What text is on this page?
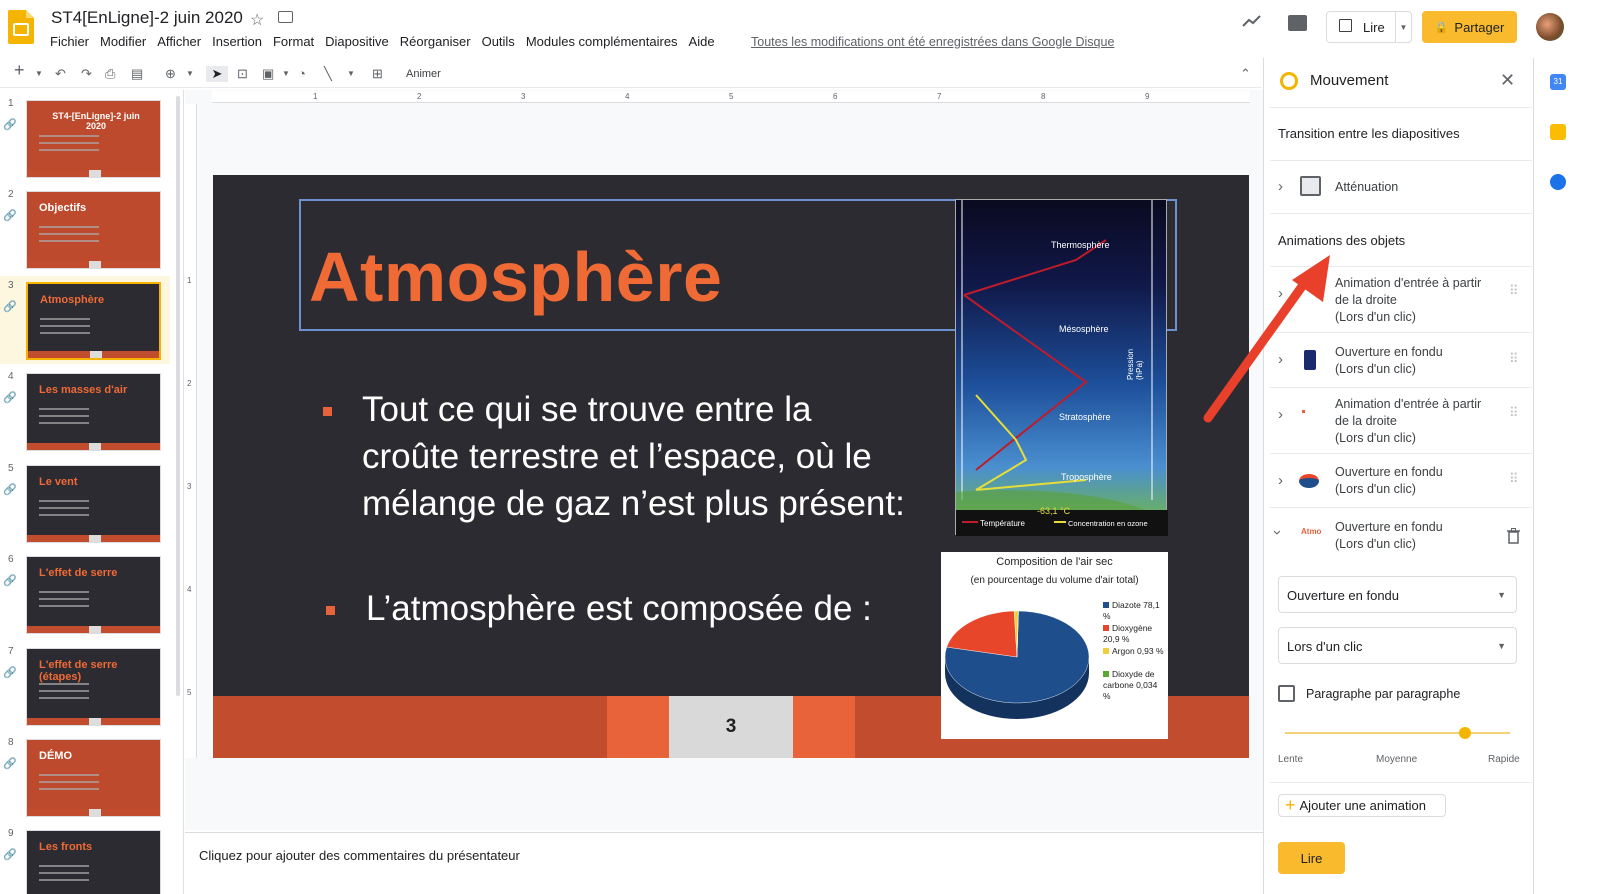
ST4[EnLigne]-2 juin 2020 ☆
Fichier Modifier Afficher Insertion Format Diapositive Réorganiser Outils Modules complémentaires Aide	Toutes les modifications ont été enregistrées dans Google Disque
Lire	▼	🔒 Partager
+ ▼ ↶ ↷ ⎙ ▤ ⊕ ▼	➤	⊡ ▣ ▼ ◔ ╲ ▼ ⊞ Animer	⌃
1
🔗
ST4-[EnLigne]-2 juin 2020
2
🔗
Objectifs
3
🔗
Atmosphère
4
🔗
Les masses d'air
5
🔗
Le vent
6
🔗
L'effet de serre
7
🔗
L'effet de serre (étapes)
8
🔗
DÉMO
9
🔗
Les fronts
1	2	3	4	5	6	7	8	9
1
2
3
4
5
Atmosphère
Tout ce qui se trouve entre la
croûte terrestre et l’espace, où le
mélange de gaz n’est plus présent:
L’atmosphère est composée de :
3
Thermosphère
Mésosphère
Stratosphère
Troposphère
-63,1 °C
Température	Concentration en ozone
Pression (hPa)
Composition de l'air sec
(en pourcentage du volume d'air total)
Diazote 78,1 %
Dioxygène 20,9 %
Argon 0,93 %
Dioxyde de carbone 0,034 %
Cliquez pour ajouter des commentaires du présentateur
Mouvement	✕
Transition entre les diapositives
›	Atténuation
Animations des objets
›
Animation d'entrée à partir
de la droite
(Lors d'un clic)
⠿
›	Ouverture en fondu
(Lors d'un clic)
⠿
›
Animation d'entrée à partir
de la droite
(Lors d'un clic)
⠿
›	Ouverture en fondu
(Lors d'un clic)
⠿
› Atmo Ouverture en fondu
(Lors d'un clic)
Ouverture en fondu	▼
Lors d'un clic	▼
Paragraphe par paragraphe
Lente	Moyenne	Rapide
+ Ajouter une animation
Lire
31
